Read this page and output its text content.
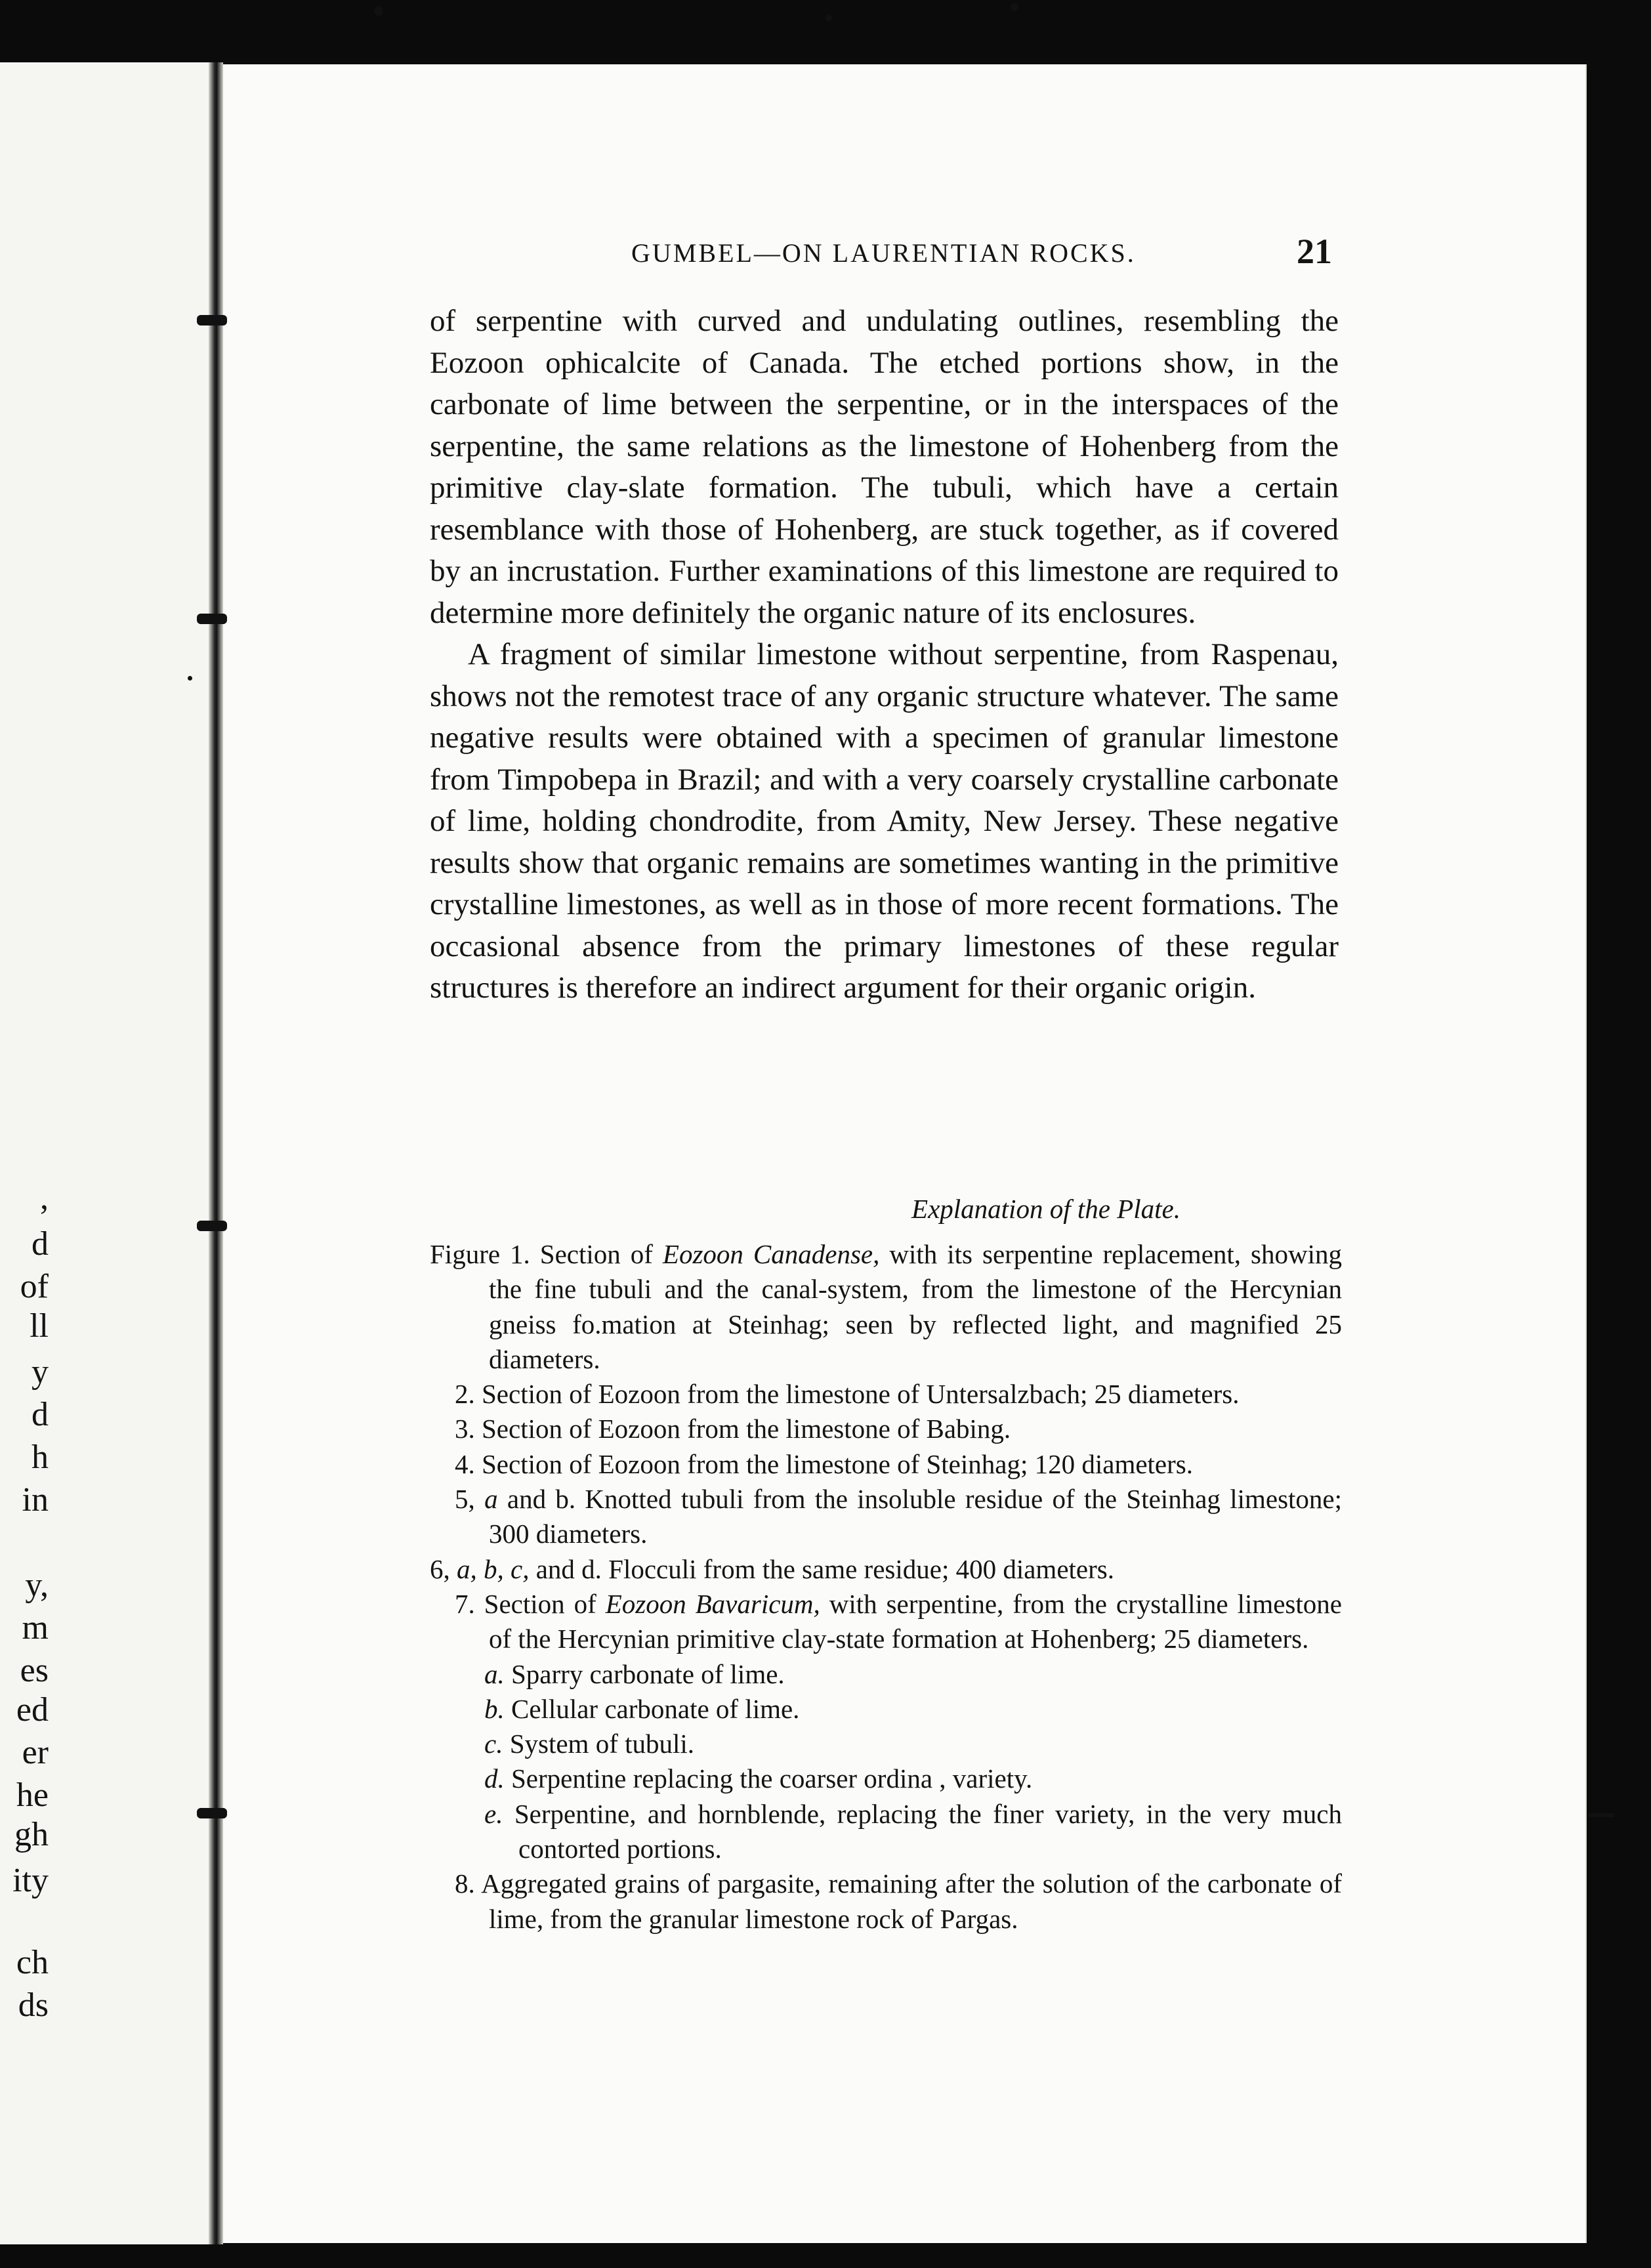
,
d
of
ll
y
d
h
in
y,
m
es
ed
er
he
gh
ity
ch
ds
GUMBEL—ON LAURENTIAN ROCKS.	21

of serpentine with curved and undulating outlines, resembling the Eozoon ophicalcite of Canada. The etched portions show, in the carbonate of lime between the serpentine, or in the interspaces of the serpentine, the same relations as the limestone of Hohenberg from the primitive clay-slate formation. The tubuli, which have a certain resemblance with those of Hohenberg, are stuck together, as if covered by an incrustation. Further examinations of this limestone are required to determine more definitely the organic nature of its enclosures.

A fragment of similar limestone without serpentine, from Raspenau, shows not the remotest trace of any organic structure whatever. The same negative results were obtained with a specimen of granular limestone from Timpobepa in Brazil; and with a very coarsely crystalline carbonate of lime, holding chondrodite, from Amity, New Jersey. These negative results show that organic remains are sometimes wanting in the primitive crystalline limestones, as well as in those of more recent formations. The occasional absence from the primary limestones of these regular structures is therefore an indirect argument for their organic origin.

Explanation of the Plate.
Figure 1. Section of Eozoon Canadense, with its serpentine replacement, showing the fine tubuli and the canal-system, from the limestone of the Hercynian gneiss fo.mation at Steinhag; seen by reflected light, and magnified 25 diameters.
2. Section of Eozoon from the limestone of Untersalzbach; 25 diameters.
3. Section of Eozoon from the limestone of Babing.
4. Section of Eozoon from the limestone of Steinhag; 120 diameters.
5, a and b. Knotted tubuli from the insoluble residue of the Steinhag limestone; 300 diameters.
6, a, b, c, and d. Flocculi from the same residue; 400 diameters.
7. Section of Eozoon Bavaricum, with serpentine, from the crystalline limestone of the Hercynian primitive clay-state formation at Hohenberg; 25 diameters.
a. Sparry carbonate of lime.
b. Cellular carbonate of lime.
c. System of tubuli.
d. Serpentine replacing the coarser ordina , variety.
e. Serpentine, and hornblende, replacing the finer variety, in the very much contorted portions.
8. Aggregated grains of pargasite, remaining after the solution of the carbonate of lime, from the granular limestone rock of Pargas.
